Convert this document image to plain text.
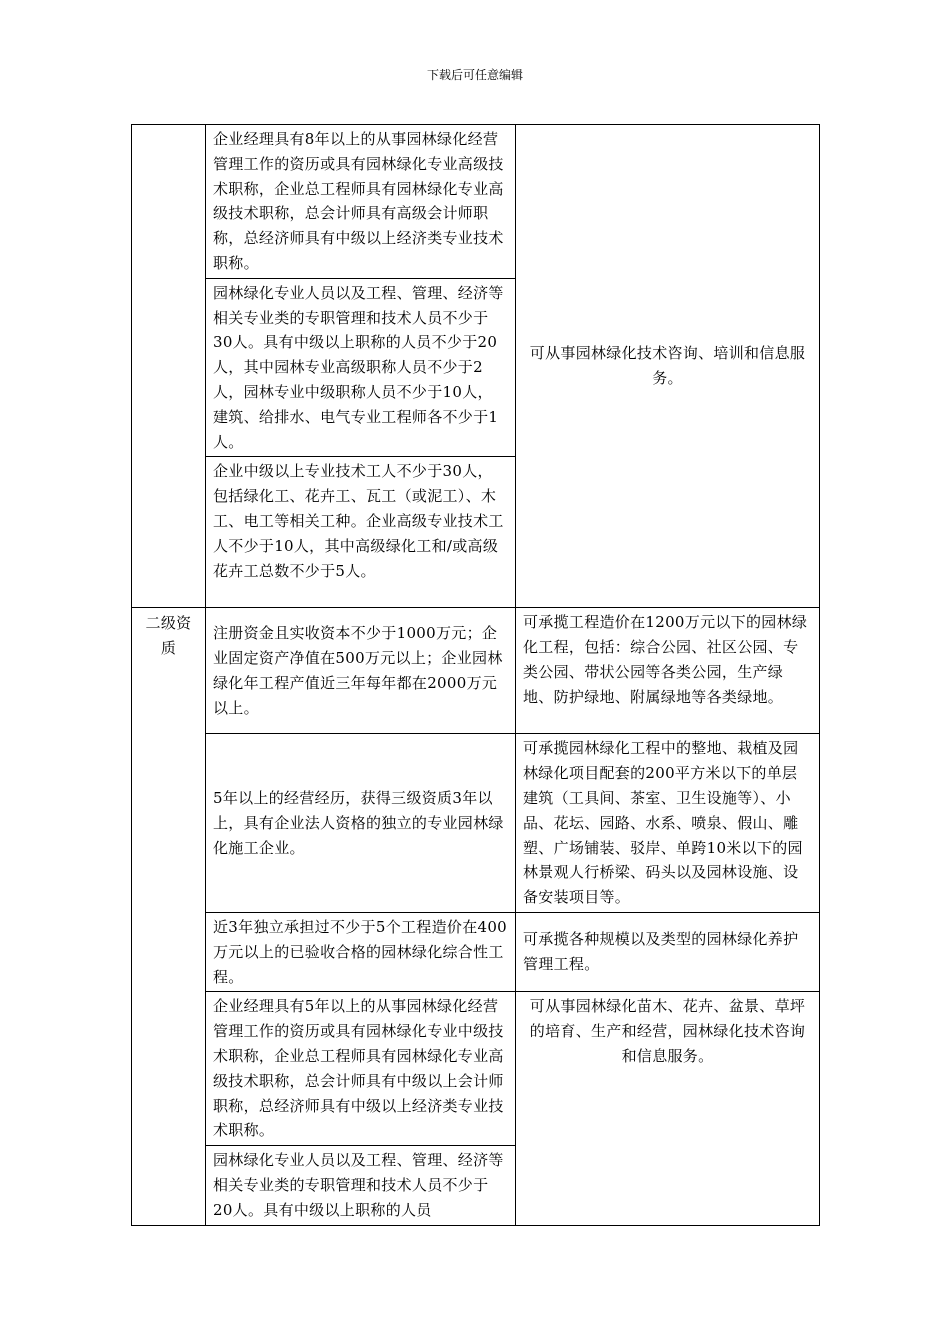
下载后可任意编辑
	企业经理具有8年以上的从事园林绿化经营管理工作的资历或具有园林绿化专业高级技术职称，企业总工程师具有园林绿化专业高级技术职称，总会计师具有高级会计师职称，总经济师具有中级以上经济类专业技术职称。	可从事园林绿化技术咨询、培训和信息服务。
	园林绿化专业人员以及工程、管理、经济等相关专业类的专职管理和技术人员不少于30人。具有中级以上职称的人员不少于20人，其中园林专业高级职称人员不少于2人，园林专业中级职称人员不少于10人，建筑、给排水、电气专业工程师各不少于1人。	
	企业中级以上专业技术工人不少于30人，包括绿化工、花卉工、瓦工（或泥工）、木工、电工等相关工种。企业高级专业技术工人不少于10人，其中高级绿化工和/或高级花卉工总数不少于5人。	
二级资质	注册资金且实收资本不少于1000万元；企业固定资产净值在500万元以上；企业园林绿化年工程产值近三年每年都在2000万元以上。	可承揽工程造价在1200万元以下的园林绿化工程，包括：综合公园、社区公园、专类公园、带状公园等各类公园，生产绿地、防护绿地、附属绿地等各类绿地。
	5年以上的经营经历，获得三级资质3年以上，具有企业法人资格的独立的专业园林绿化施工企业。	可承揽园林绿化工程中的整地、栽植及园林绿化项目配套的200平方米以下的单层建筑（工具间、茶室、卫生设施等）、小品、花坛、园路、水系、喷泉、假山、雕塑、广场铺装、驳岸、单跨10米以下的园林景观人行桥梁、码头以及园林设施、设备安装项目等。
	近3年独立承担过不少于5个工程造价在400万元以上的已验收合格的园林绿化综合性工程。	可承揽各种规模以及类型的园林绿化养护管理工程。
	企业经理具有5年以上的从事园林绿化经营管理工作的资历或具有园林绿化专业中级技术职称，企业总工程师具有园林绿化专业高级技术职称，总会计师具有中级以上会计师职称，总经济师具有中级以上经济类专业技术职称。	可从事园林绿化苗木、花卉、盆景、草坪的培育、生产和经营，园林绿化技术咨询和信息服务。
	园林绿化专业人员以及工程、管理、经济等相关专业类的专职管理和技术人员不少于20人。具有中级以上职称的人员	
